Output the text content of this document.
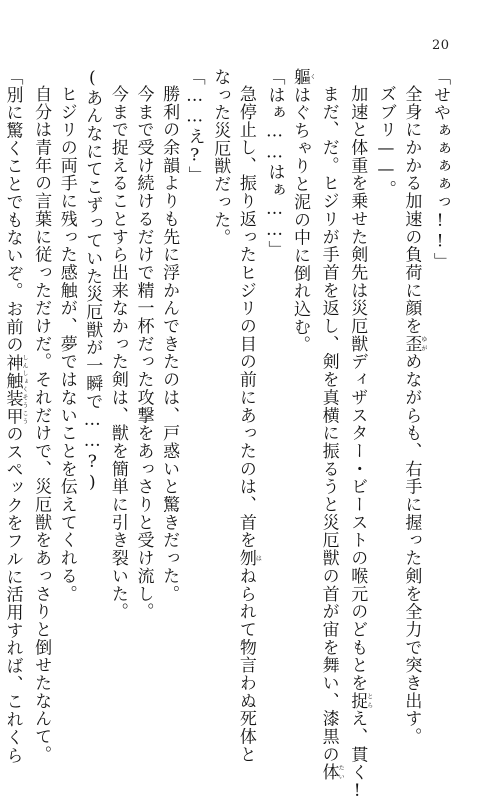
20

「せやぁぁぁぁっ!!」

全身にかかる加速の負荷に顔を歪ゆがめながらも、右手に握った剣を全力で突き出す。

ズブリ——。

加速と体重を乗せた剣先は災厄獣ディザスター・ビーストの喉元のどもとを捉とらえ、貫く!

まだ、だ。ヒジリが手首を返し、剣を真横に振るうと災厄獣の首が宙を舞い、漆黒の体たい

軀くはぐちゃりと泥の中に倒れ込む。

「はぁ……はぁ……」

急停止し、振り返ったヒジリの目の前にあったのは、首を刎はねられて物言わぬ死体と

なった災厄獣だった。

「……え?」

勝利の余韻よりも先に浮かんできたのは、戸惑いと驚きだった。

今まで受け続けるだけで精一杯だった攻撃をあっさりと受け流し。

今まで捉えることすら出来なかった剣は、獣を簡単に引き裂いた。

(あんなにてこずっていた災厄獣が一瞬で……?)

ヒジリの両手に残った感触が、夢ではないことを伝えてくれる。

自分は青年の言葉に従っただけだ。それだけで、災厄獣をあっさりと倒せたなんて。

「別に驚くことでもないぞ。お前の神触装甲しんしょくそうこうのスペックをフルに活用すれば、これくら
